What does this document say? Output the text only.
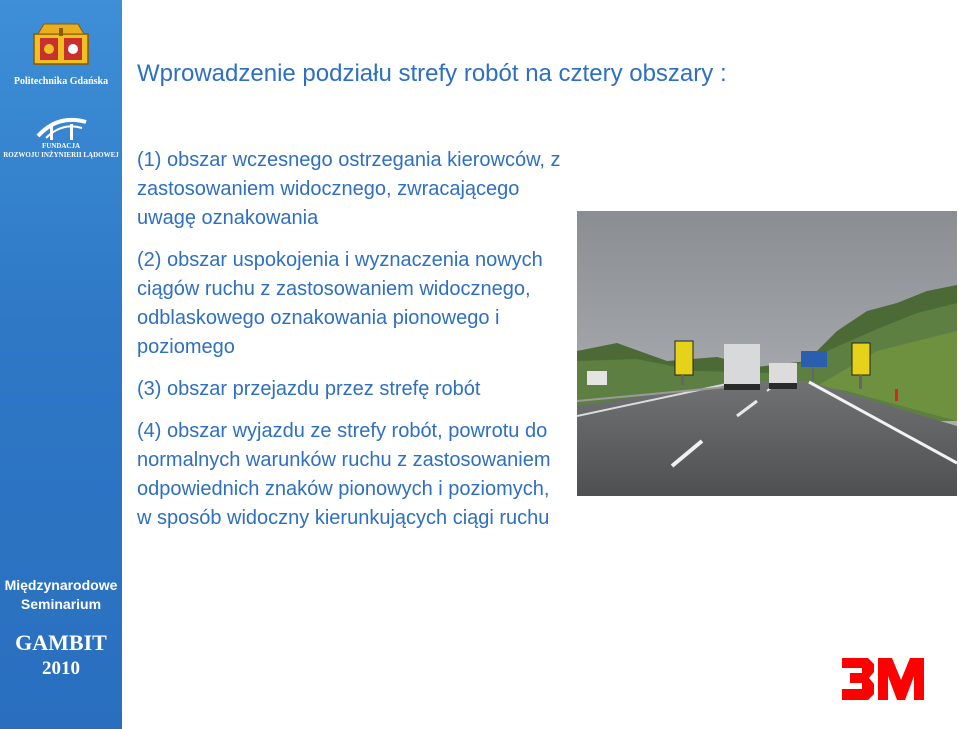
Politechnika Gdańska
FUNDACJA
ROZWOJU INŻYNIERII LĄDOWEJ
Międzynarodowe
Seminarium
GAMBIT
2010
Wprowadzenie podziału strefy robót na cztery obszary :

(1) obszar wczesnego ostrzegania kierowców, z zastosowaniem widocznego, zwracającego uwagę oznakowania

(2) obszar uspokojenia i wyznaczenia nowych ciągów ruchu z zastosowaniem widocznego, odblaskowego oznakowania pionowego i poziomego

(3) obszar przejazdu przez strefę robót

(4) obszar wyjazdu ze strefy robót, powrotu do normalnych warunków ruchu z zastosowaniem odpowiednich znaków pionowych i poziomych, w sposób widoczny kierunkujących ciągi ruchu
